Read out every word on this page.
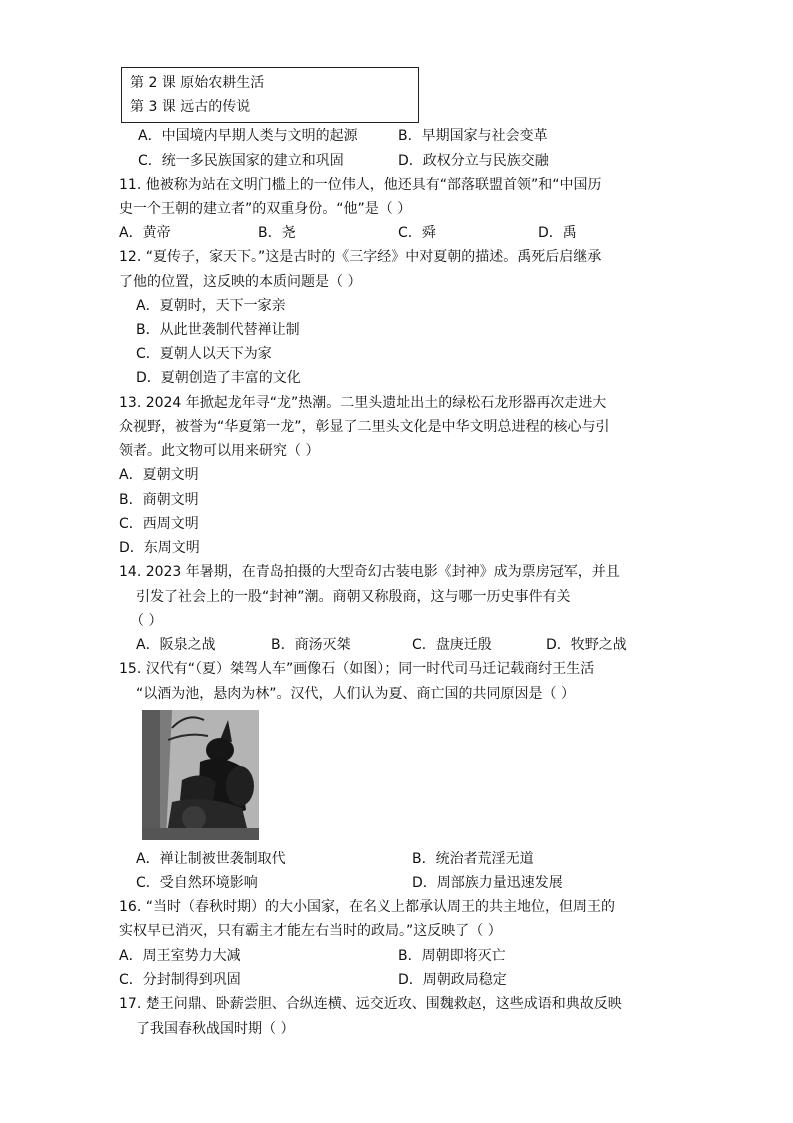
第 2 课 原始农耕生活
第 3 课 远古的传说
A．中国境内早期人类与文明的起源	B．早期国家与社会变革
C．统一多民族国家的建立和巩固	D．政权分立与民族交融
11. 他被称为站在文明门槛上的一位伟人，他还具有“部落联盟首领”和“中国历
史一个王朝的建立者”的双重身份。“他”是（ ）
A．黄帝	B．尧	C．舜	D．禹
12. “夏传子，家天下。”这是古时的《三字经》中对夏朝的描述。禹死后启继承
了他的位置，这反映的本质问题是（ ）
A．夏朝时，天下一家亲
B．从此世袭制代替禅让制
C．夏朝人以天下为家
D．夏朝创造了丰富的文化
13. 2024 年掀起龙年寻“龙”热潮。二里头遗址出土的绿松石龙形器再次走进大
众视野，被誉为“华夏第一龙”，彰显了二里头文化是中华文明总进程的核心与引
领者。此文物可以用来研究（ ）
A．夏朝文明
B．商朝文明
C．西周文明
D．东周文明
14. 2023 年暑期，在青岛拍摄的大型奇幻古装电影《封神》成为票房冠军，并且
引发了社会上的一股“封神”潮。商朝又称殷商，这与哪一历史事件有关
（ ）
A．阪泉之战	B．商汤灭桀	C．盘庚迁殷	D．牧野之战
15. 汉代有“（夏）桀驾人车”画像石（如图）；同一时代司马迁记载商纣王生活
“以酒为池，悬肉为林”。汉代，人们认为夏、商亡国的共同原因是（ ）
A．禅让制被世袭制取代	B．统治者荒淫无道
C．受自然环境影响	D．周部族力量迅速发展
16. “当时（春秋时期）的大小国家，在名义上都承认周王的共主地位，但周王的
实权早已消灭，只有霸主才能左右当时的政局。”这反映了（ ）
A．周王室势力大减	B．周朝即将灭亡
C．分封制得到巩固	D．周朝政局稳定
17. 楚王问鼎、卧薪尝胆、合纵连横、远交近攻、围魏救赵，这些成语和典故反映
了我国春秋战国时期（ ）
